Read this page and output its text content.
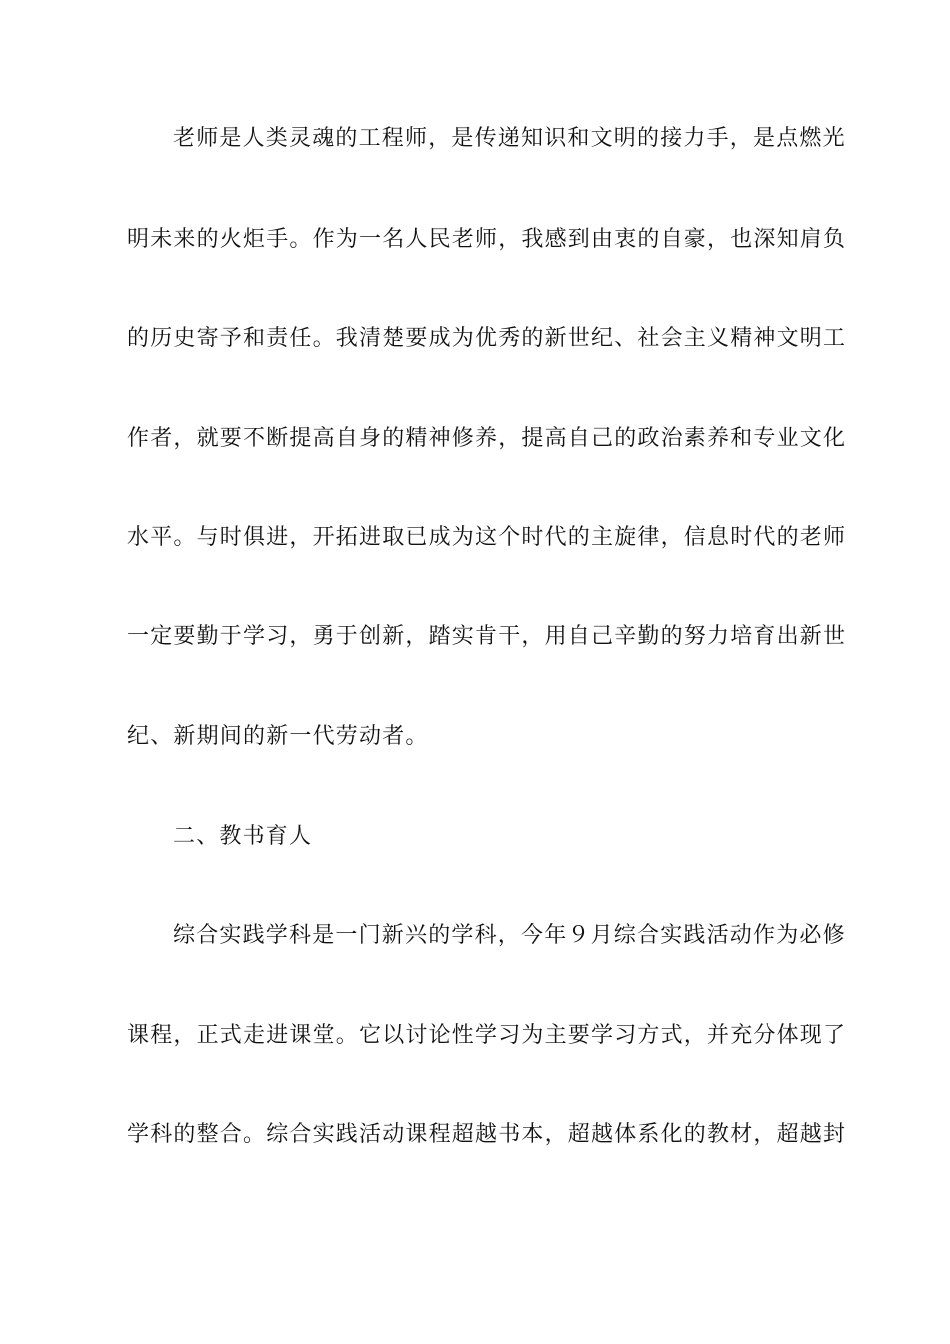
老师是人类灵魂的工程师，是传递知识和文明的接力手，是点燃光
明未来的火炬手。作为一名人民老师，我感到由衷的自豪，也深知肩负
的历史寄予和责任。我清楚要成为优秀的新世纪、社会主义精神文明工
作者，就要不断提高自身的精神修养，提高自己的政治素养和专业文化
水平。与时俱进，开拓进取已成为这个时代的主旋律，信息时代的老师
一定要勤于学习，勇于创新，踏实肯干，用自己辛勤的努力培育出新世
纪、新期间的新一代劳动者。
二、教书育人
综合实践学科是一门新兴的学科，今年９月综合实践活动作为必修
课程，正式走进课堂。它以讨论性学习为主要学习方式，并充分体现了
学科的整合。综合实践活动课程超越书本，超越体系化的教材，超越封
